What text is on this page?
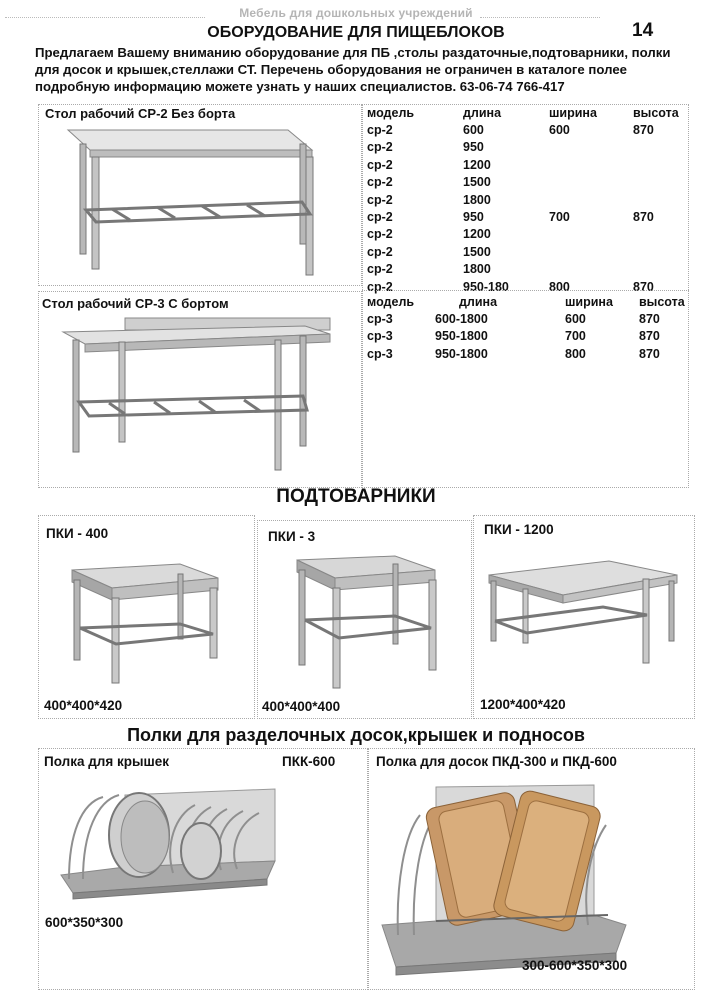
Мебель для дошкольных учреждений
14
ОБОРУДОВАНИЕ ДЛЯ ПИЩЕБЛОКОВ
Предлагаем Вашему вниманию оборудование для ПБ ,столы раздаточные,подтоварники, полки для досок и крышек,стеллажи СТ. Перечень оборудования не ограничен в каталоге полее подробную информацию можете узнать у наших специалистов. 63-06-74 766-417
Стол рабочий СР-2 Без борта
Стол рабочий СР-3 С бортом
модель	длина	ширина	высота
ср-2	600	600	870
ср-2	950		
ср-2	1200		
ср-2	1500		
ср-2	1800		
ср-2	950	700	870
ср-2	1200		
ср-2	1500		
ср-2	1800		
ср-2	950-180	800	870
модель	длина	ширина	высота
ср-3	600-1800	600	870
ср-3	950-1800	700	870
ср-3	950-1800	800	870
ПОДТОВАРНИКИ
ПКИ - 400	ПКИ - 3	ПКИ - 1200
400*400*420	400*400*400	1200*400*420
Полки для разделочных досок,крышек и подносов
Полка для крышек	ПКК-600	Полка для досок ПКД-300 и ПКД-600
600*350*300
300-600*350*300
